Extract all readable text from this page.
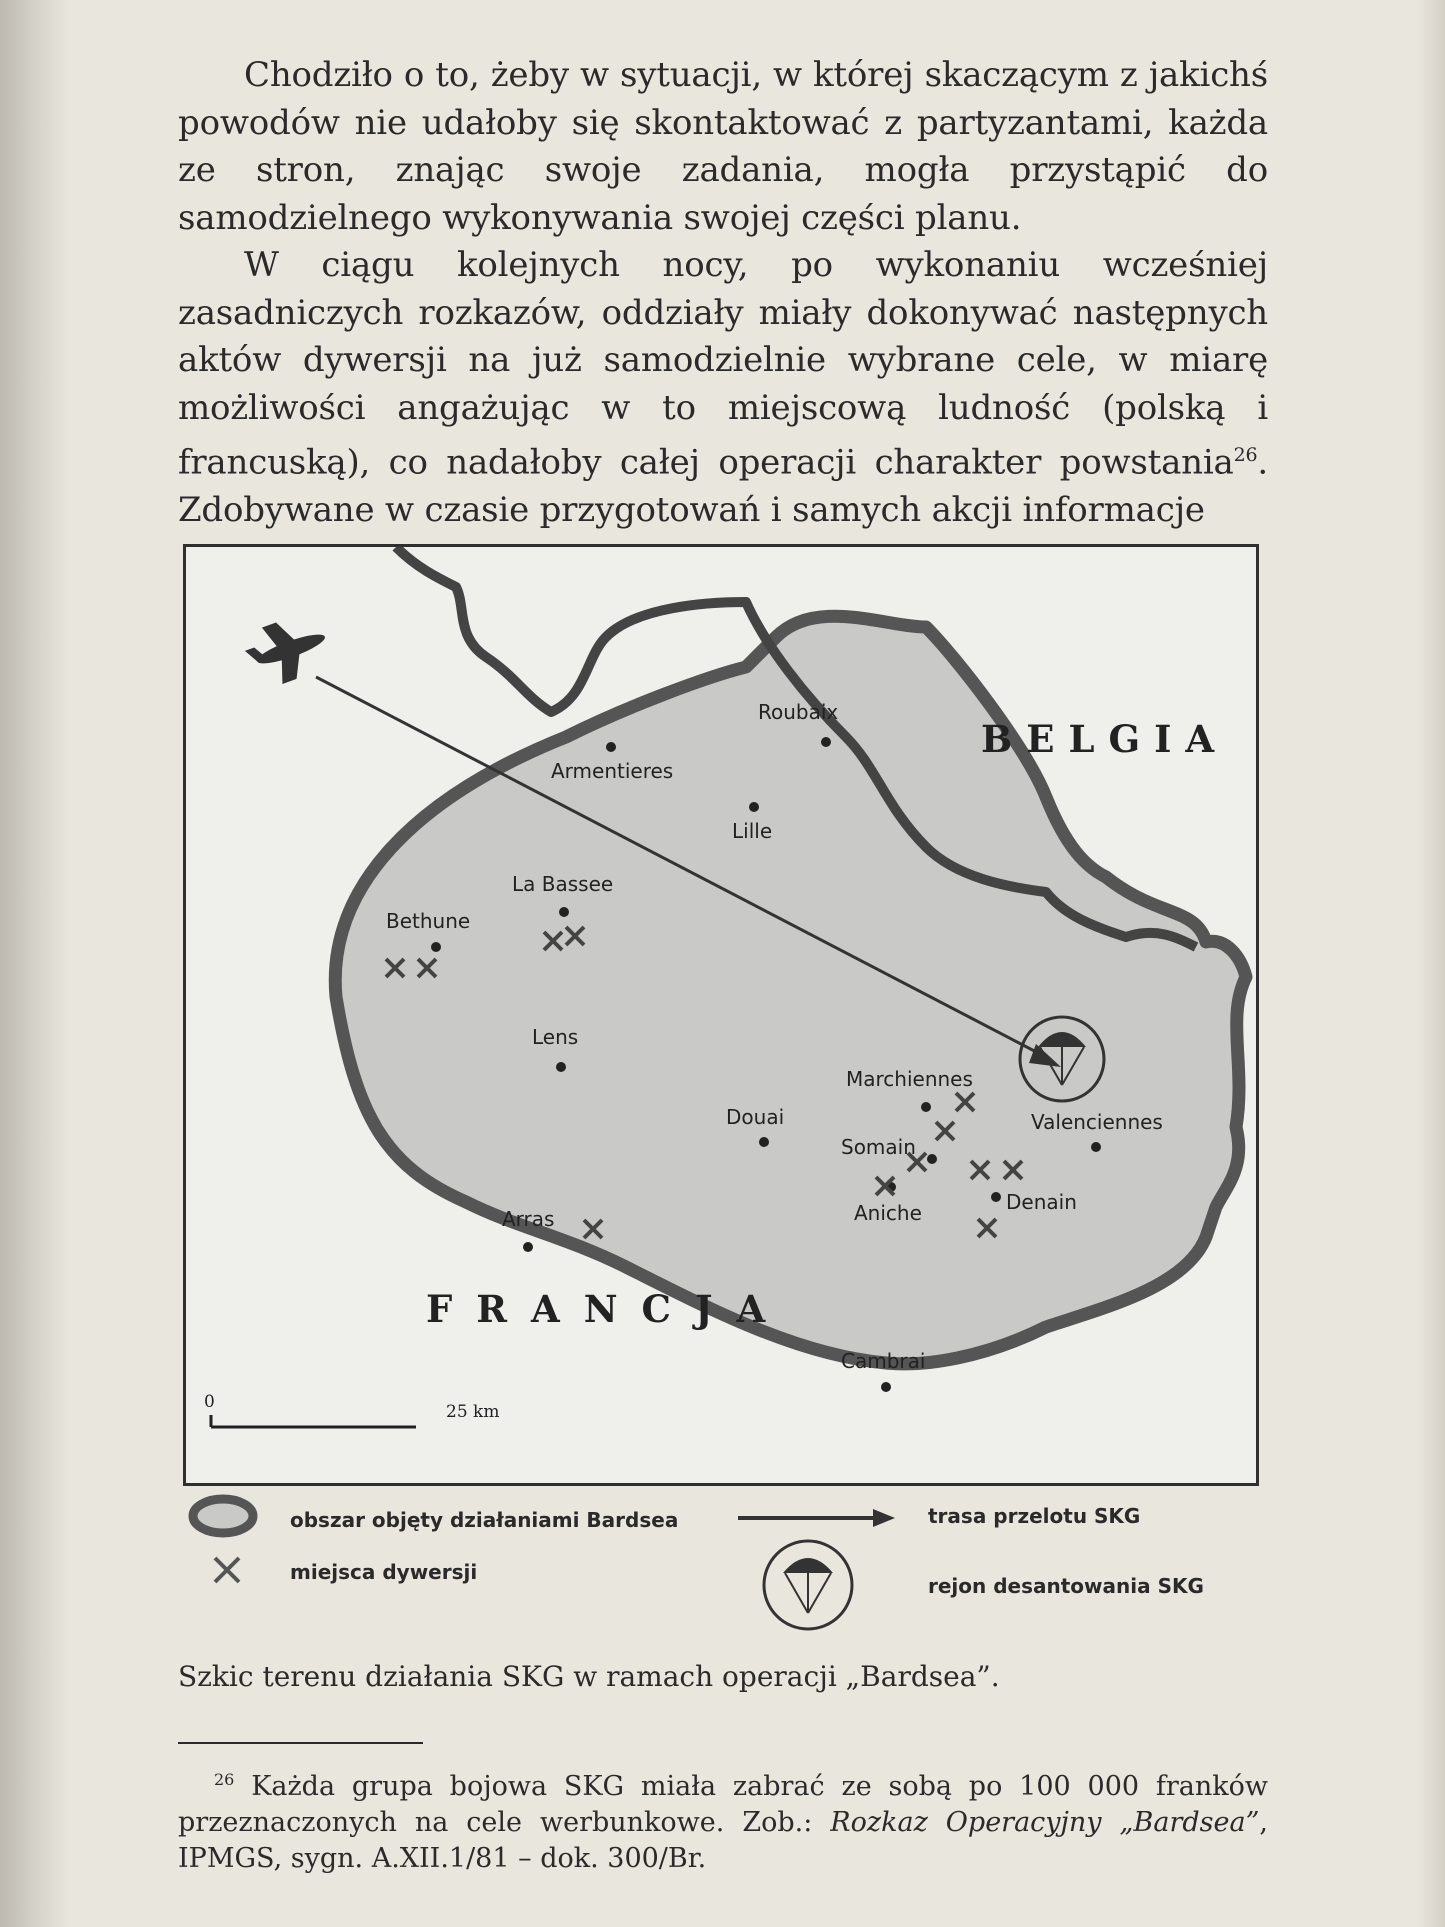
Chodziło o to, żeby w sytuacji, w której skaczącym z jakichś powodów nie udałoby się skontaktować z partyzantami, każda ze stron, znając swoje zadania, mogła przystąpić do samodzielnego wykonywania swojej części planu.

W ciągu kolejnych nocy, po wykonaniu wcześniej zasadniczych rozkazów, oddziały miały dokonywać następnych aktów dywersji na już samodzielnie wybrane cele, w miarę możliwości angażując w to miejscową ludność (polską i francuską), co nadałoby całej operacji charakter powstania$^{26}$. Zdobywane w czasie przygotowań i samych akcji informacje

BELGIA
FRANCJA
Roubaix
Armentieres
Lille
La Bassee
Bethune
Lens
Marchiennes
Douai
Somain
Valenciennes
Aniche	Denain
Arras
Cambrai
0	25 km
obszar objęty działaniami Bardsea
miejsca dywersji
trasa przelotu SKG
rejon desantowania SKG
Szkic terenu działania SKG w ramach operacji „Bardsea”.

$^{26}$ Każda grupa bojowa SKG miała zabrać ze sobą po 100 000 franków przeznaczonych na cele werbunkowe. Zob.: Rozkaz Operacyjny „Bardsea”, IPMGS, sygn. A.XII.1/81 – dok. 300/Br.
